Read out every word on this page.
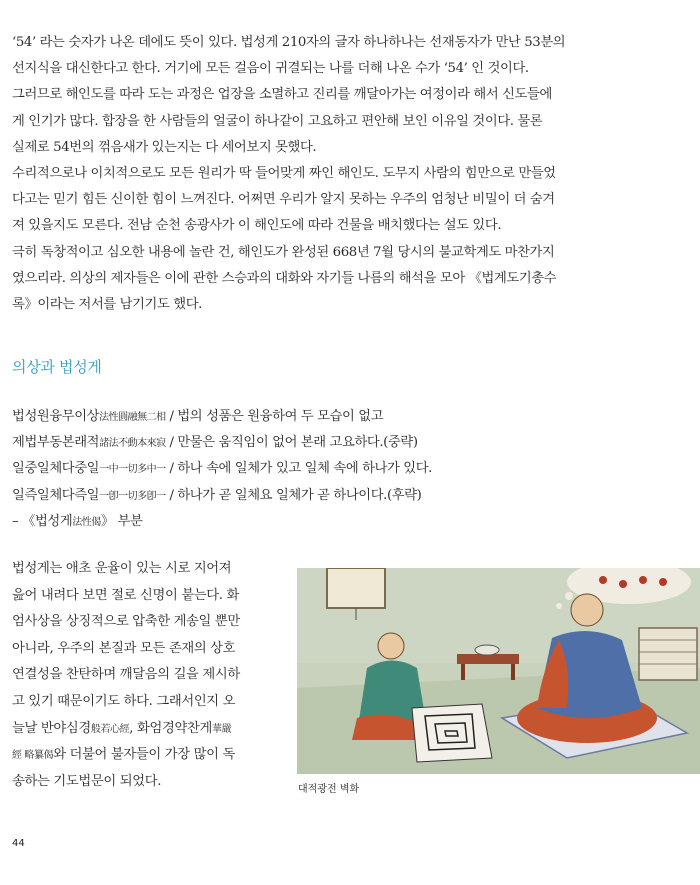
‘54’ 라는 숫자가 나온 데에도 뜻이 있다. 법성게 210자의 글자 하나하나는 선재동자가 만난 53분의
선지식을 대신한다고 한다. 거기에 모든 걸음이 귀결되는 나를 더해 나온 수가 ‘54’ 인 것이다.
그러므로 해인도를 따라 도는 과정은 업장을 소멸하고 진리를 깨달아가는 여정이라 해서 신도들에
게 인기가 많다. 합장을 한 사람들의 얼굴이 하나같이 고요하고 편안해 보인 이유일 것이다. 물론
실제로 54번의 꺾음새가 있는지는 다 세어보지 못했다.
수리적으로나 이치적으로도 모든 원리가 딱 들어맞게 짜인 해인도. 도무지 사람의 힘만으로 만들었
다고는 믿기 힘든 신이한 힘이 느껴진다. 어쩌면 우리가 알지 못하는 우주의 엄청난 비밀이 더 숨겨
져 있을지도 모른다. 전남 순천 송광사가 이 해인도에 따라 건물을 배치했다는 설도 있다.
극히 독창적이고 심오한 내용에 놀란 건, 해인도가 완성된 668년 7월 당시의 불교학계도 마찬가지
였으리라. 의상의 제자들은 이에 관한 스승과의 대화와 자기들 나름의 해석을 모아 《법계도기총수
록》이라는 저서를 남기기도 했다.
의상과 법성게
법성원융무이상法性圓融無二相 / 법의 성품은 원융하여 두 모습이 없고
제법부동본래적諸法不動本來寂 / 만물은 움직임이 없어 본래 고요하다.(중략)
일중일체다중일一中一切多中一 / 하나 속에 일체가 있고 일체 속에 하나가 있다.
일즉일체다즉일一卽一切多卽一 / 하나가 곧 일체요 일체가 곧 하나이다.(후략)
– 《법성게法性偈》 부분
법성게는 애초 운율이 있는 시로 지어져
읊어 내려다 보면 절로 신명이 붙는다. 화
엄사상을 상징적으로 압축한 게송일 뿐만
아니라, 우주의 본질과 모든 존재의 상호
연결성을 찬탄하며 깨달음의 길을 제시하
고 있기 때문이기도 하다. 그래서인지 오
늘날 반야심경般若心經, 화엄경약찬게華嚴
經 略纂偈와 더불어 불자들이 가장 많이 독
송하는 기도법문이 되었다.
대적광전 벽화
44
